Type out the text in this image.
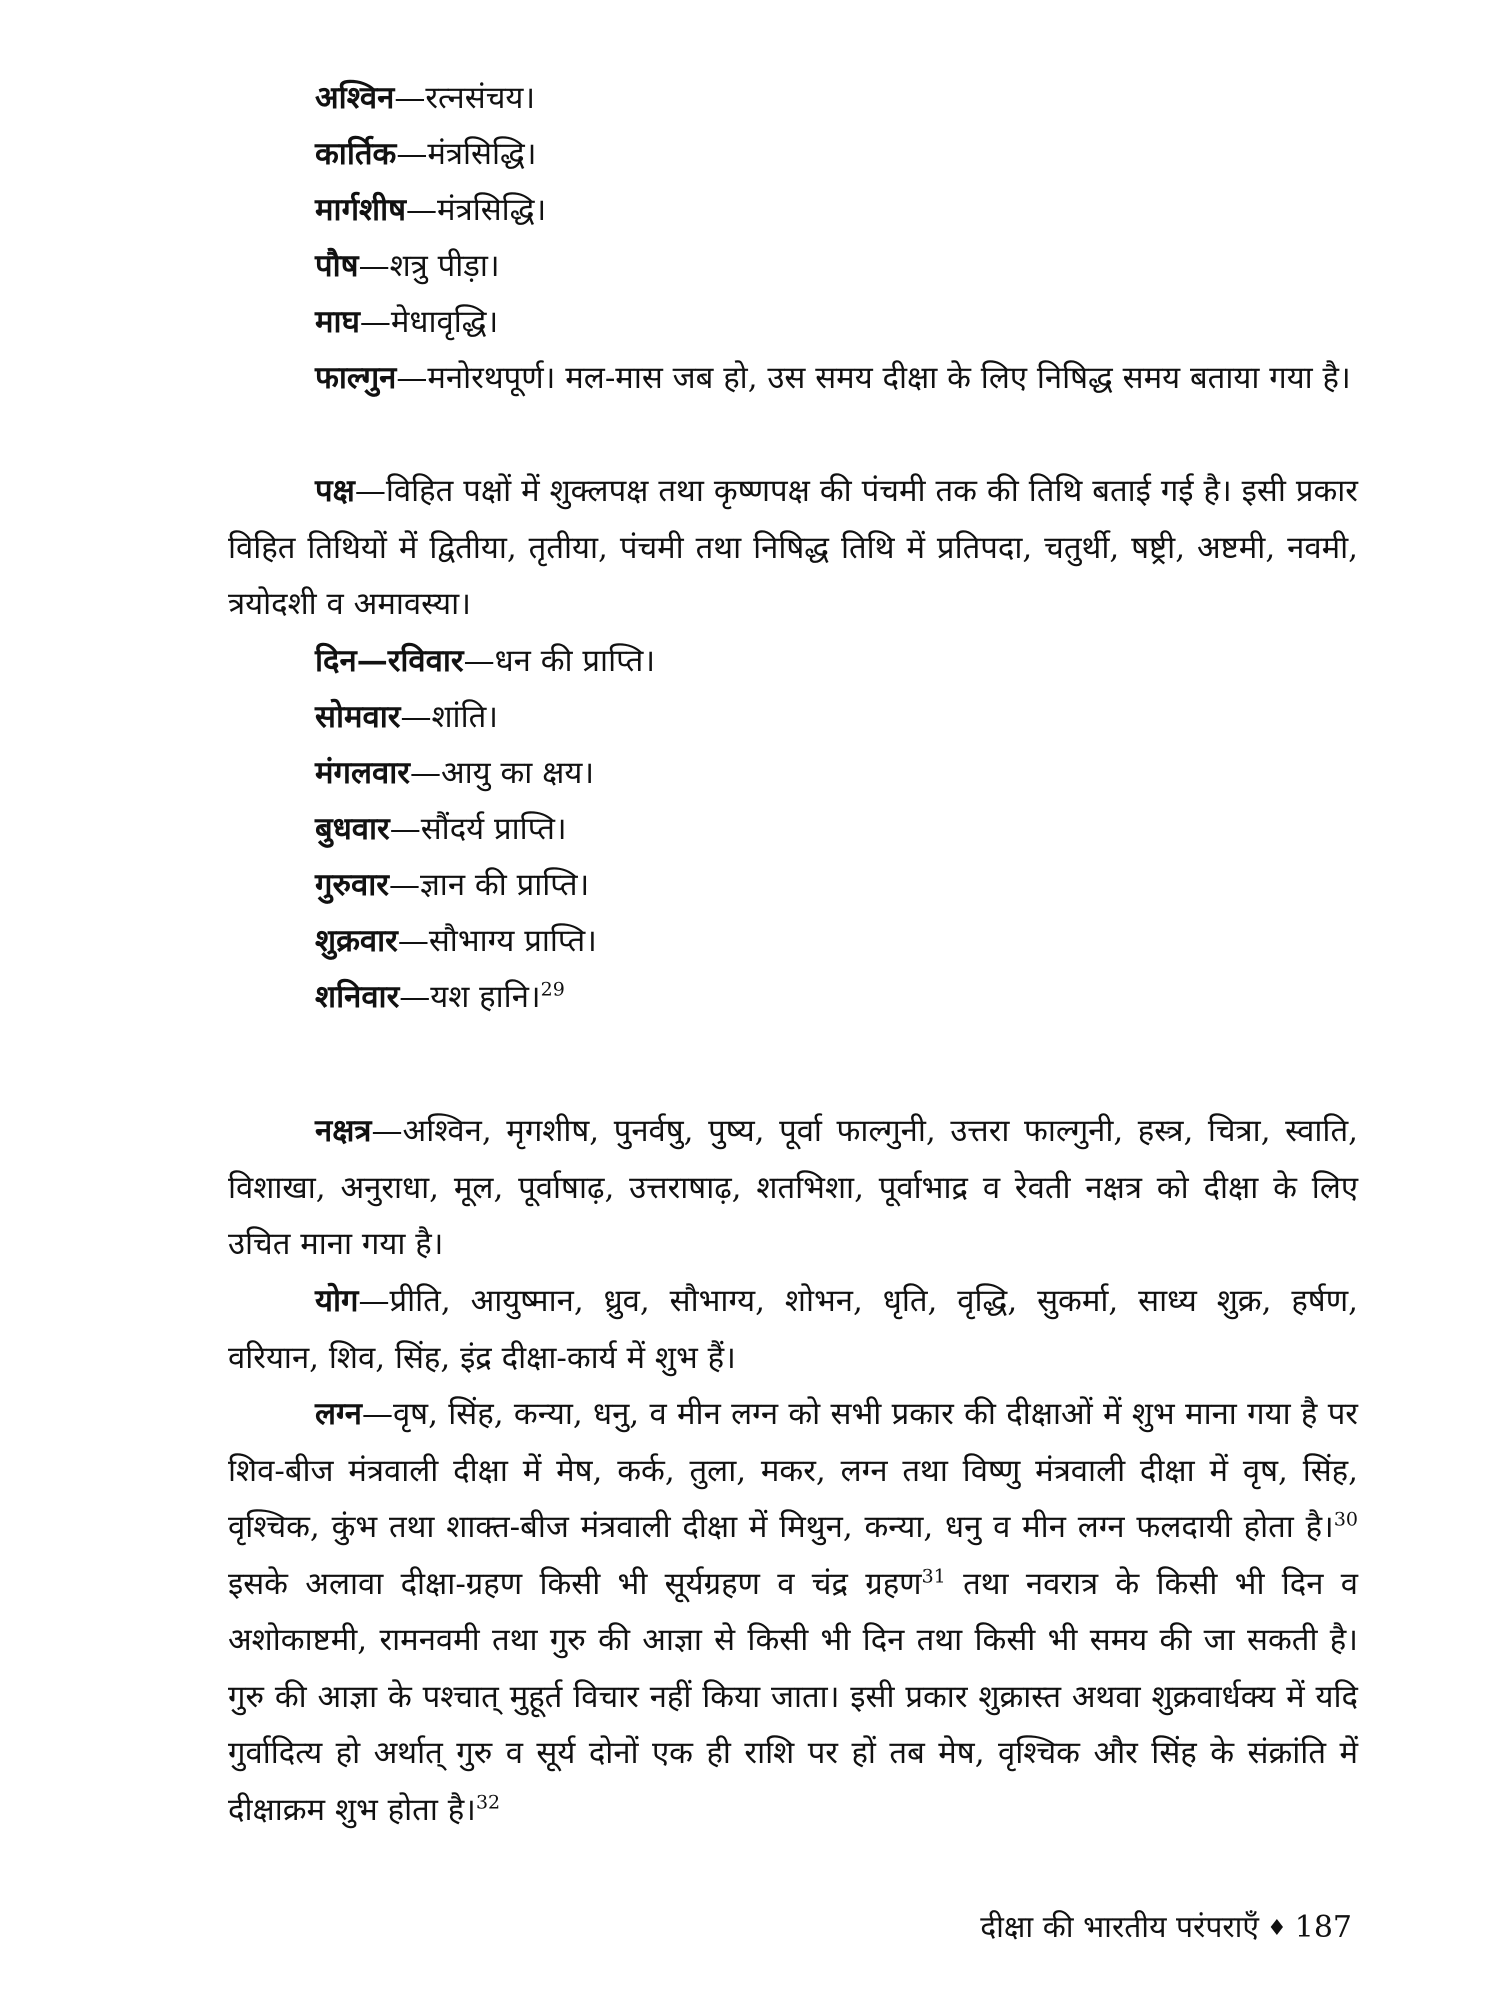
अश्विन—रत्नसंचय।
कार्तिक—मंत्रसिद्धि।
मार्गशीष—मंत्रसिद्धि।
पौष—शत्रु पीड़ा।
माघ—मेधावृद्धि।
फाल्गुन—मनोरथपूर्ण। मल-मास जब हो, उस समय दीक्षा के लिए निषिद्ध समय बताया गया है।
पक्ष—विहित पक्षों में शुक्लपक्ष तथा कृष्णपक्ष की पंचमी तक की तिथि बताई गई है। इसी प्रकार विहित तिथियों में द्वितीया, तृतीया, पंचमी तथा निषिद्ध तिथि में प्रतिपदा, चतुर्थी, षष्ट्री, अष्टमी, नवमी, त्रयोदशी व अमावस्या।
दिन—रविवार—धन की प्राप्ति।
सोमवार—शांति।
मंगलवार—आयु का क्षय।
बुधवार—सौंदर्य प्राप्ति।
गुरुवार—ज्ञान की प्राप्ति।
शुक्रवार—सौभाग्य प्राप्ति।
शनिवार—यश हानि।$^{29}$
नक्षत्र—अश्विन, मृगशीष, पुनर्वषु, पुष्य, पूर्वा फाल्गुनी, उत्तरा फाल्गुनी, हस्त्र, चित्रा, स्वाति, विशाखा, अनुराधा, मूल, पूर्वाषाढ़, उत्तराषाढ़, शतभिशा, पूर्वाभाद्र व रेवती नक्षत्र को दीक्षा के लिए उचित माना गया है।
योग—प्रीति, आयुष्मान, ध्रुव, सौभाग्य, शोभन, धृति, वृद्धि, सुकर्मा, साध्य शुक्र, हर्षण, वरियान, शिव, सिंह, इंद्र दीक्षा-कार्य में शुभ हैं।
लग्न—वृष, सिंह, कन्या, धनु, व मीन लग्न को सभी प्रकार की दीक्षाओं में शुभ माना गया है पर शिव-बीज मंत्रवाली दीक्षा में मेष, कर्क, तुला, मकर, लग्न तथा विष्णु मंत्रवाली दीक्षा में वृष, सिंह, वृश्चिक, कुंभ तथा शाक्त-बीज मंत्रवाली दीक्षा में मिथुन, कन्या, धनु व मीन लग्न फलदायी होता है।$^{30}$ इसके अलावा दीक्षा-ग्रहण किसी भी सूर्यग्रहण व चंद्र ग्रहण$^{31}$ तथा नवरात्र के किसी भी दिन व अशोकाष्टमी, रामनवमी तथा गुरु की आज्ञा से किसी भी दिन तथा किसी भी समय की जा सकती है। गुरु की आज्ञा के पश्चात् मुहूर्त विचार नहीं किया जाता। इसी प्रकार शुक्रास्त अथवा शुक्रवार्धक्य में यदि गुर्वादित्य हो अर्थात् गुरु व सूर्य दोनों एक ही राशि पर हों तब मेष, वृश्चिक और सिंह के संक्रांति में दीक्षाक्रम शुभ होता है।$^{32}$
दीक्षा की भारतीय परंपराएँ ♦ 187
